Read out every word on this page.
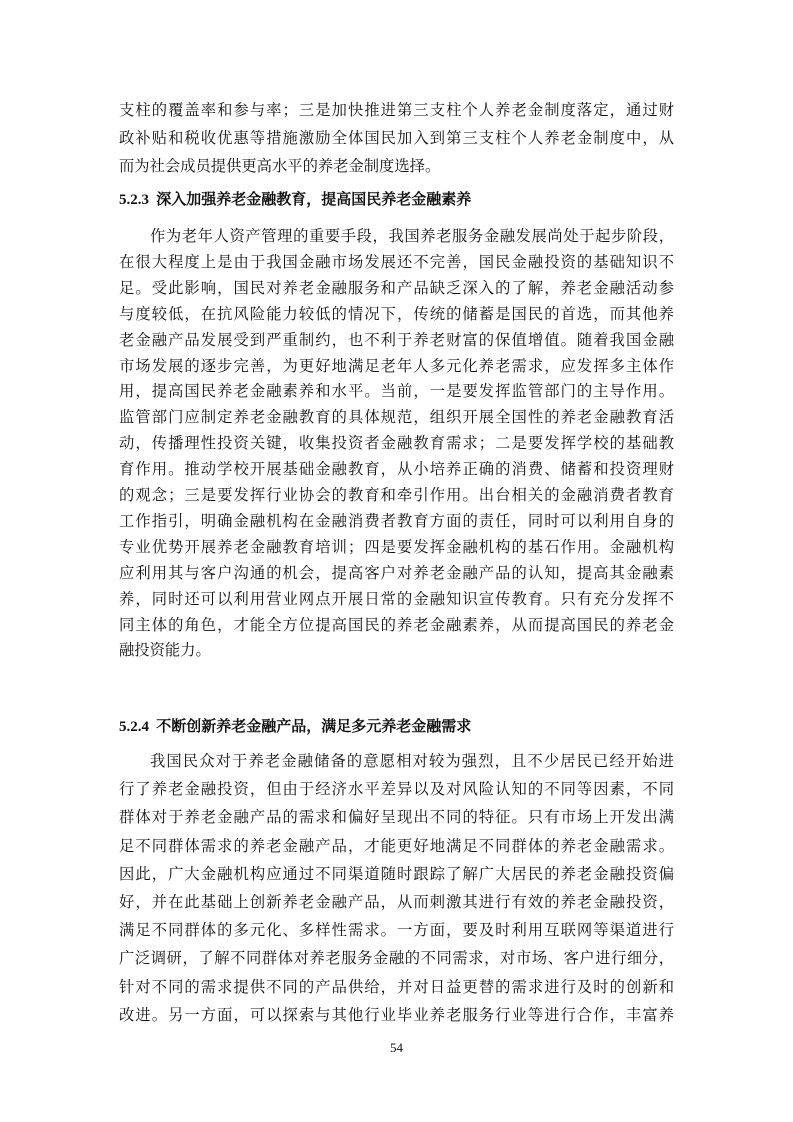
支柱的覆盖率和参与率；三是加快推进第三支柱个人养老金制度落定，通过财
政补贴和税收优惠等措施激励全体国民加入到第三支柱个人养老金制度中，从
而为社会成员提供更高水平的养老金制度选择。
5.2.3 深入加强养老金融教育，提高国民养老金融素养
作为老年人资产管理的重要手段，我国养老服务金融发展尚处于起步阶段，
在很大程度上是由于我国金融市场发展还不完善，国民金融投资的基础知识不
足。受此影响，国民对养老金融服务和产品缺乏深入的了解，养老金融活动参
与度较低，在抗风险能力较低的情况下，传统的储蓄是国民的首选，而其他养
老金融产品发展受到严重制约，也不利于养老财富的保值增值。随着我国金融
市场发展的逐步完善，为更好地满足老年人多元化养老需求，应发挥多主体作
用，提高国民养老金融素养和水平。当前，一是要发挥监管部门的主导作用。
监管部门应制定养老金融教育的具体规范，组织开展全国性的养老金融教育活
动，传播理性投资关键，收集投资者金融教育需求；二是要发挥学校的基础教
育作用。推动学校开展基础金融教育，从小培养正确的消费、储蓄和投资理财
的观念；三是要发挥行业协会的教育和牵引作用。出台相关的金融消费者教育
工作指引，明确金融机构在金融消费者教育方面的责任，同时可以利用自身的
专业优势开展养老金融教育培训；四是要发挥金融机构的基石作用。金融机构
应利用其与客户沟通的机会，提高客户对养老金融产品的认知，提高其金融素
养，同时还可以利用营业网点开展日常的金融知识宣传教育。只有充分发挥不
同主体的角色，才能全方位提高国民的养老金融素养，从而提高国民的养老金
融投资能力。
5.2.4 不断创新养老金融产品，满足多元养老金融需求
我国民众对于养老金融储备的意愿相对较为强烈，且不少居民已经开始进
行了养老金融投资，但由于经济水平差异以及对风险认知的不同等因素，不同
群体对于养老金融产品的需求和偏好呈现出不同的特征。只有市场上开发出满
足不同群体需求的养老金融产品，才能更好地满足不同群体的养老金融需求。
因此，广大金融机构应通过不同渠道随时跟踪了解广大居民的养老金融投资偏
好，并在此基础上创新养老金融产品，从而刺激其进行有效的养老金融投资，
满足不同群体的多元化、多样性需求。一方面，要及时利用互联网等渠道进行
广泛调研，了解不同群体对养老服务金融的不同需求，对市场、客户进行细分，
针对不同的需求提供不同的产品供给，并对日益更替的需求进行及时的创新和
改进。另一方面，可以探索与其他行业毕业养老服务行业等进行合作，丰富养
54
